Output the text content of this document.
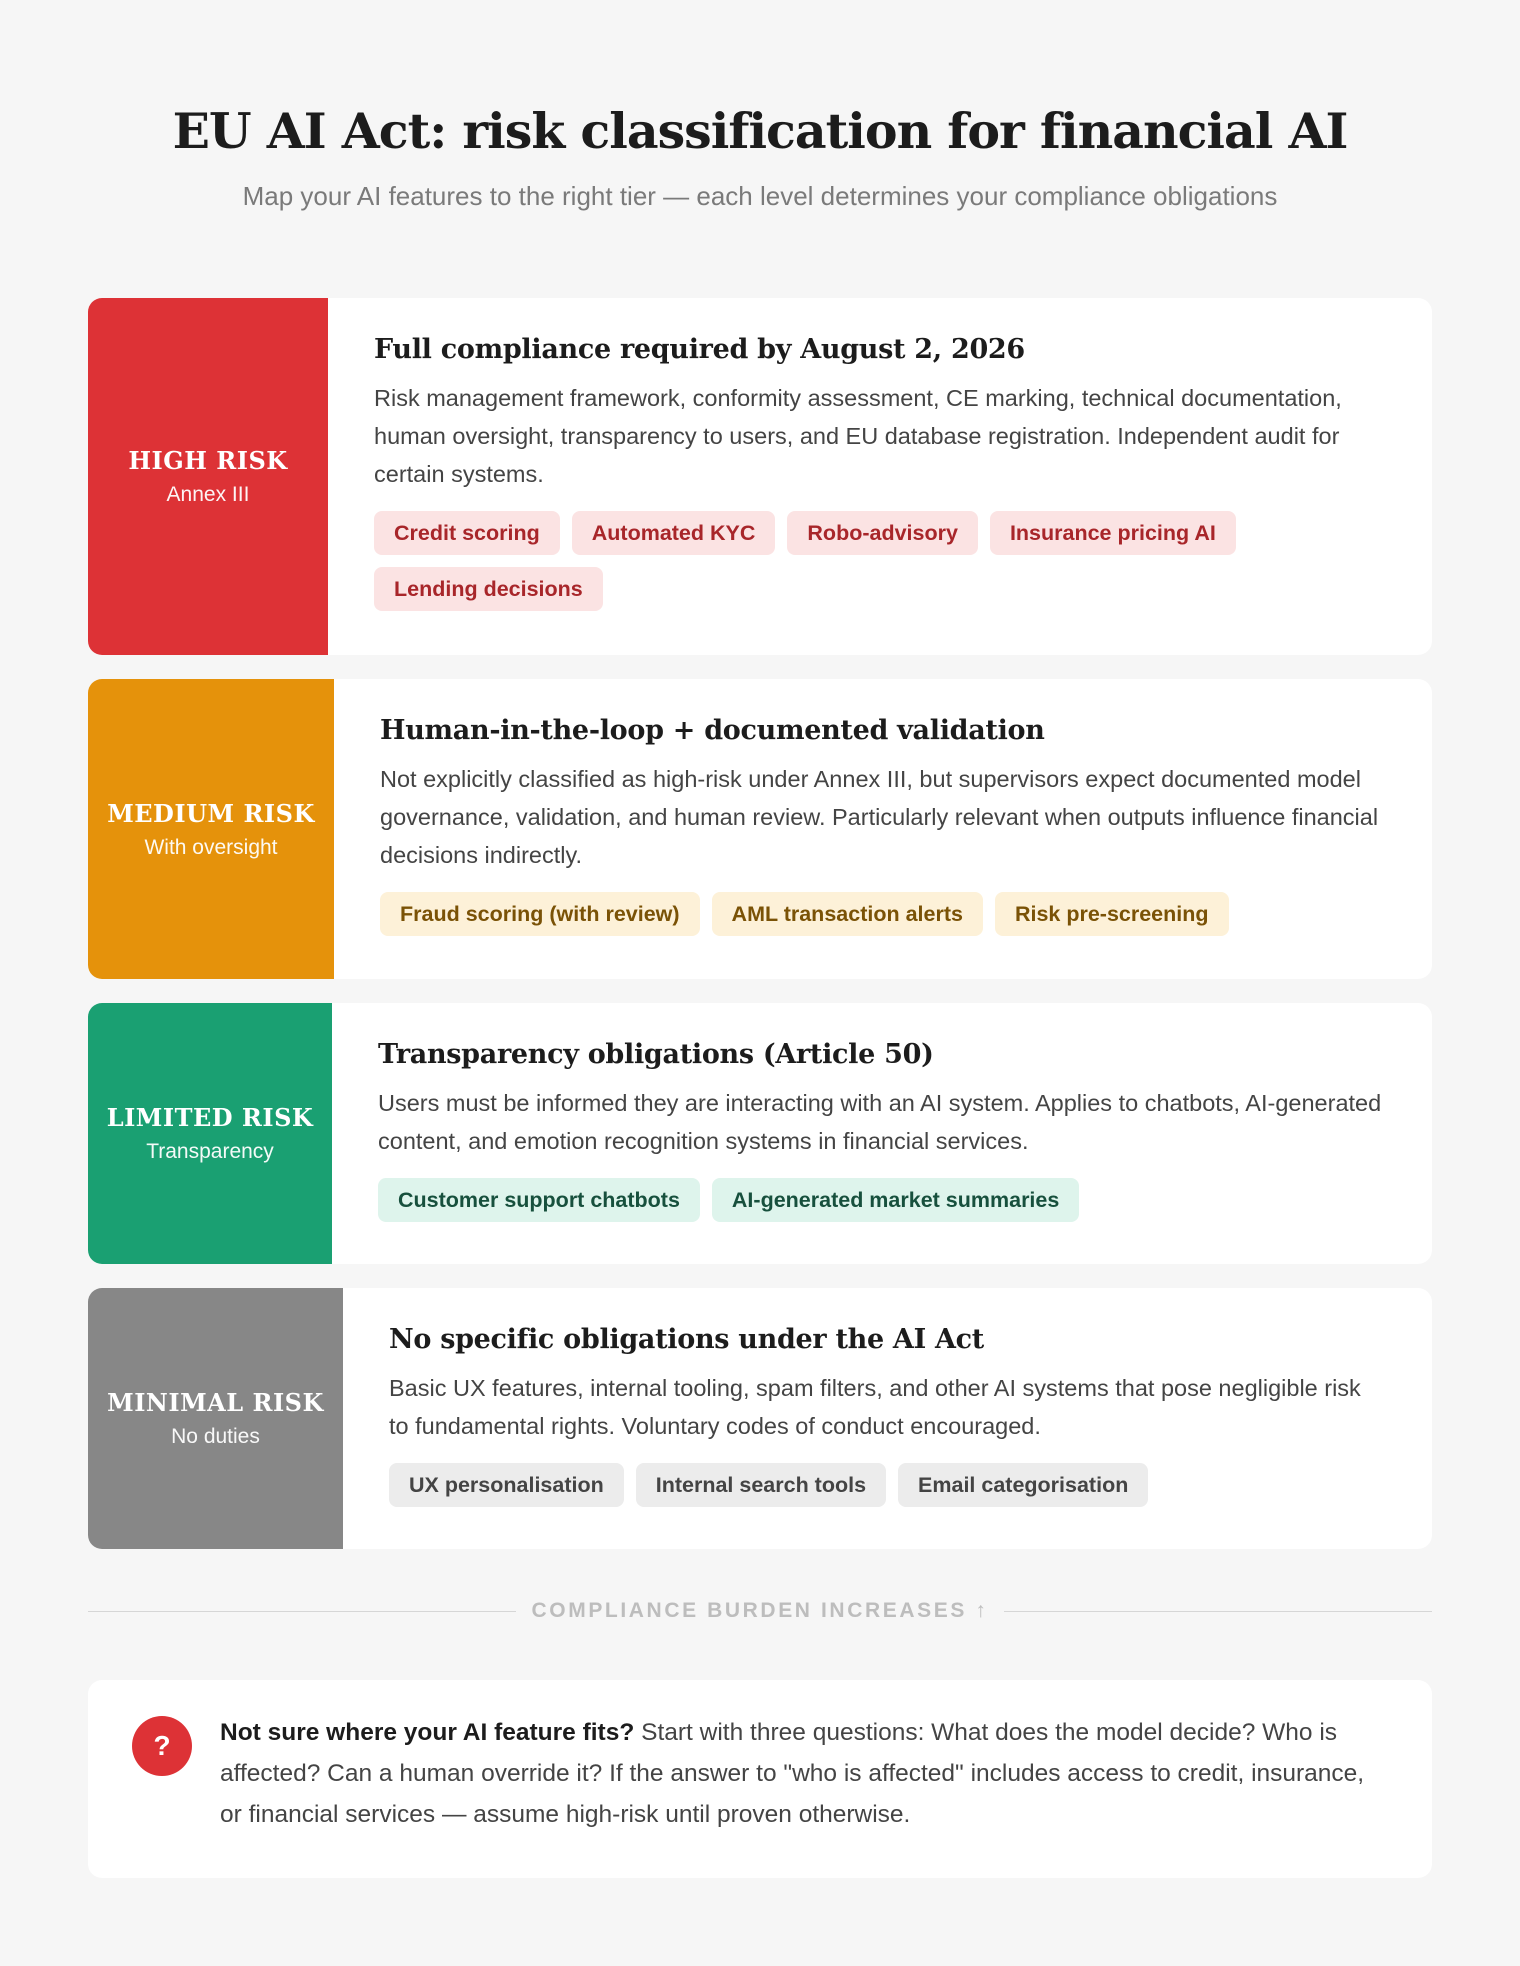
EU AI Act: risk classification for financial AI

Map your AI features to the right tier — each level determines your compliance obligations

HIGH RISK
Annex III
Full compliance required by August 2, 2026
Risk management framework, conformity assessment, CE marking, technical documentation, human oversight, transparency to users, and EU database registration. Independent audit for certain systems.
Credit scoring	Automated KYC	Robo-advisory	Insurance pricing AI
Lending decisions
MEDIUM RISK
With oversight
Human-in-the-loop + documented validation
Not explicitly classified as high-risk under Annex III, but supervisors expect documented model governance, validation, and human review. Particularly relevant when outputs influence financial decisions indirectly.
Fraud scoring (with review)	AML transaction alerts	Risk pre-screening
LIMITED RISK
Transparency
Transparency obligations (Article 50)
Users must be informed they are interacting with an AI system. Applies to chatbots, AI-generated content, and emotion recognition systems in financial services.
Customer support chatbots	AI-generated market summaries
MINIMAL RISK
No duties
No specific obligations under the AI Act
Basic UX features, internal tooling, spam filters, and other AI systems that pose negligible risk to fundamental rights. Voluntary codes of conduct encouraged.
UX personalisation	Internal search tools	Email categorisation
COMPLIANCE BURDEN INCREASES ↑
?	Not sure where your AI feature fits? Start with three questions: What does the model decide? Who is affected? Can a human override it? If the answer to "who is affected" includes access to credit, insurance, or financial services — assume high-risk until proven otherwise.
